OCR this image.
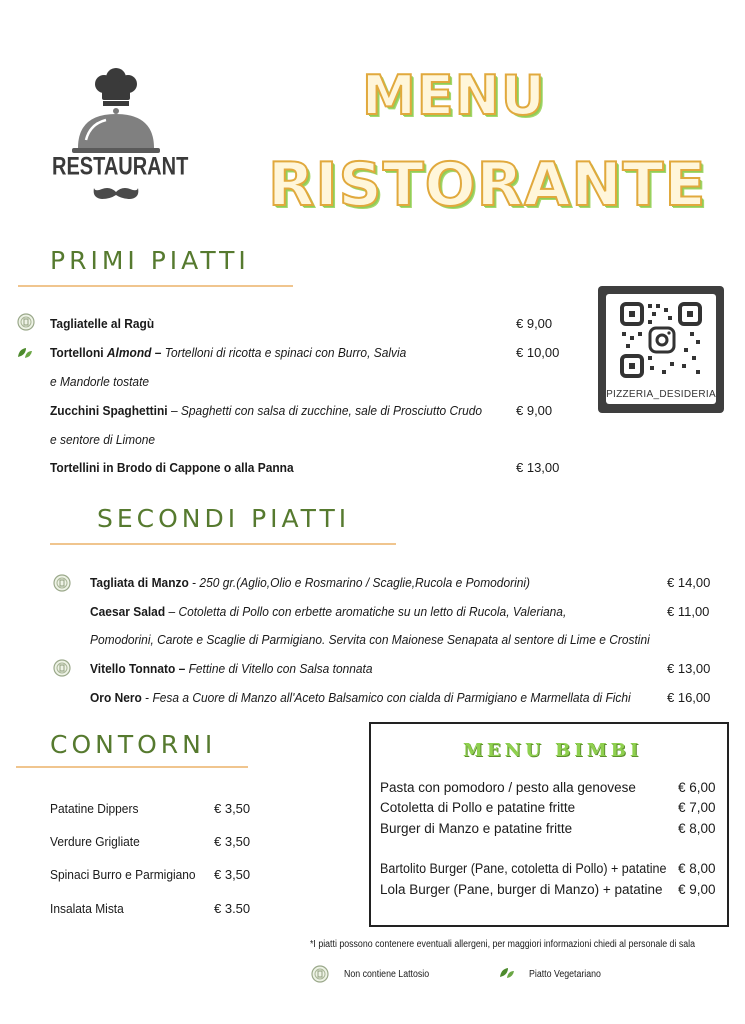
RESTAURANT
MENU
RISTORANTE
PRIMI PIATTI
Tagliatelle al Ragù	€ 9,00
Tortelloni Almond – Tortelloni di ricotta e spinaci con Burro, Salvia	€ 10,00
e Mandorle tostate
Zucchini Spaghettini – Spaghetti con salsa di zucchine, sale di Prosciutto Crudo	€ 9,00
e sentore di Limone
Tortellini in Brodo di Cappone o alla Panna	€ 13,00
PIZZERIA_DESIDERIA
SECONDI PIATTI
Tagliata di Manzo - 250 gr.(Aglio,Olio e Rosmarino / Scaglie,Rucola e Pomodorini)	€ 14,00
Caesar Salad – Cotoletta di Pollo con erbette aromatiche su un letto di Rucola, Valeriana,	€ 11,00
Pomodorini, Carote e Scaglie di Parmigiano. Servita con Maionese Senapata al sentore di Lime e Crostini
Vitello Tonnato – Fettine di Vitello con Salsa tonnata	€ 13,00
Oro Nero - Fesa a Cuore di Manzo all'Aceto Balsamico con cialda di Parmigiano e Marmellata di Fichi	€ 16,00
CONTORNI
Patatine Dippers	€ 3,50
Verdure Grigliate	€ 3,50
Spinaci Burro e Parmigiano € 3,50
Insalata Mista	€ 3.50
MENU BIMBI
Pasta con pomodoro / pesto alla genovese	€ 6,00
Cotoletta di Pollo e patatine fritte	€ 7,00
Burger di Manzo e patatine fritte	€ 8,00
Bartolito Burger (Pane, cotoletta di Pollo) + patatine € 8,00
Lola Burger (Pane, burger di Manzo) + patatine € 9,00
*I piatti possono contenere eventuali allergeni, per maggiori informazioni chiedi al personale di sala
Non contiene Lattosio	Piatto Vegetariano
